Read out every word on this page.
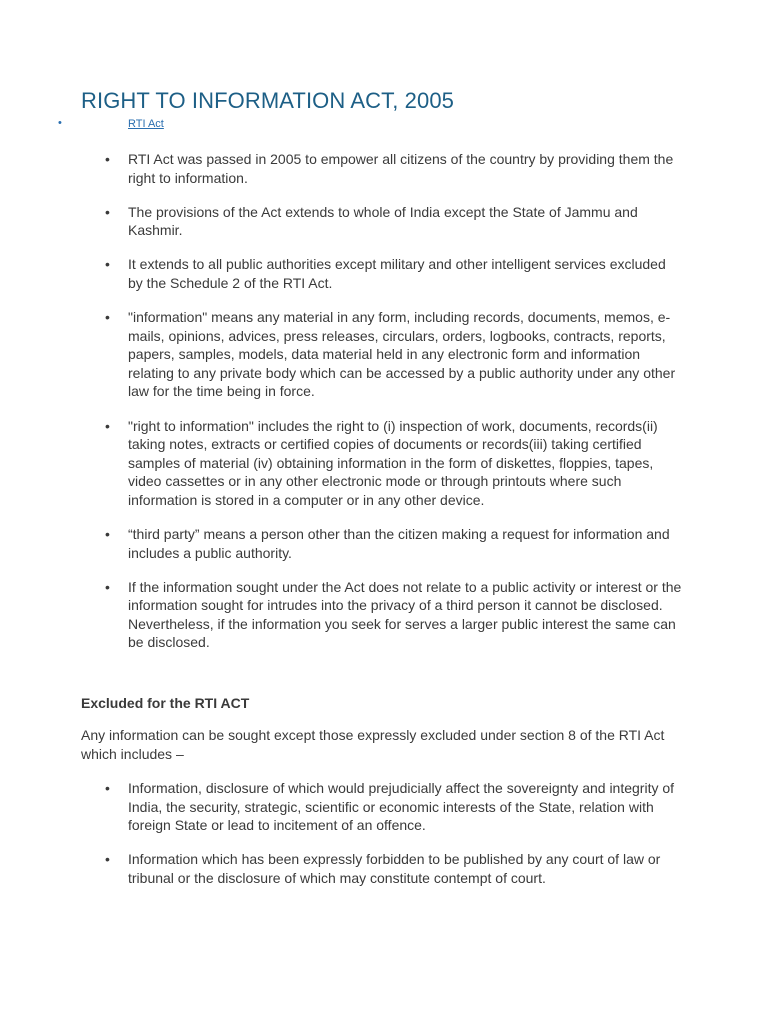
RIGHT TO INFORMATION ACT, 2005
•	RTI Act
• RTI Act was passed in 2005 to empower all citizens of the country by providing them the right to information.
• The provisions of the Act extends to whole of India except the State of Jammu and Kashmir.
• It extends to all public authorities except military and other intelligent services excluded by the Schedule 2 of the RTI Act.
• "information" means any material in any form, including records, documents, memos, e-mails, opinions, advices, press releases, circulars, orders, logbooks, contracts, reports, papers, samples, models, data material held in any electronic form and information relating to any private body which can be accessed by a public authority under any other law for the time being in force.
• "right to information" includes the right to (i) inspection of work, documents, records(ii) taking notes, extracts or certified copies of documents or records(iii) taking certified samples of material (iv) obtaining information in the form of diskettes, floppies, tapes, video cassettes or in any other electronic mode or through printouts where such information is stored in a computer or in any other device.
• “third party” means a person other than the citizen making a request for information and includes a public authority.
• If the information sought under the Act does not relate to a public activity or interest or the information sought for intrudes into the privacy of a third person it cannot be disclosed. Nevertheless, if the information you seek for serves a larger public interest the same can be disclosed.
Excluded for the RTI ACT

Any information can be sought except those expressly excluded under section 8 of the RTI Act which includes –

• Information, disclosure of which would prejudicially affect the sovereignty and integrity of India, the security, strategic, scientific or economic interests of the State, relation with foreign State or lead to incitement of an offence.
• Information which has been expressly forbidden to be published by any court of law or tribunal or the disclosure of which may constitute contempt of court.
